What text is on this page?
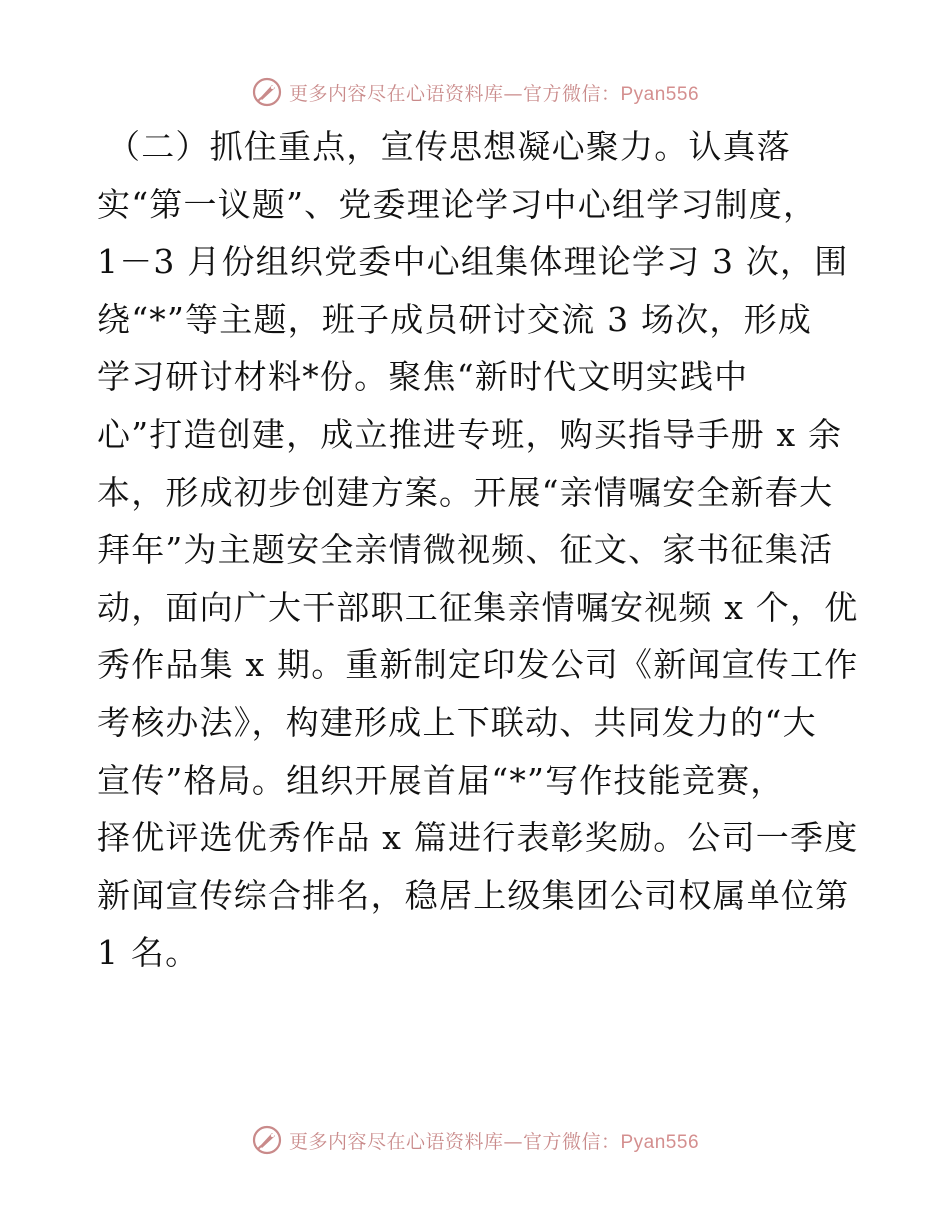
更多内容尽在心语资料库—官方微信：Pyan556
（二）抓住重点，宣传思想凝心聚力。认真落
实“第一议题”、党委理论学习中心组学习制度，
1－3 月份组织党委中心组集体理论学习 3 次，围
绕“*”等主题，班子成员研讨交流 3 场次，形成
学习研讨材料*份。聚焦“新时代文明实践中
心”打造创建，成立推进专班，购买指导手册 x 余
本，形成初步创建方案。开展“亲情嘱安全新春大
拜年”为主题安全亲情微视频、征文、家书征集活
动，面向广大干部职工征集亲情嘱安视频 x 个，优
秀作品集 x 期。重新制定印发公司《新闻宣传工作
考核办法》，构建形成上下联动、共同发力的“大
宣传”格局。组织开展首届“*”写作技能竞赛，
择优评选优秀作品 x 篇进行表彰奖励。公司一季度
新闻宣传综合排名，稳居上级集团公司权属单位第
1 名。
更多内容尽在心语资料库—官方微信：Pyan556
